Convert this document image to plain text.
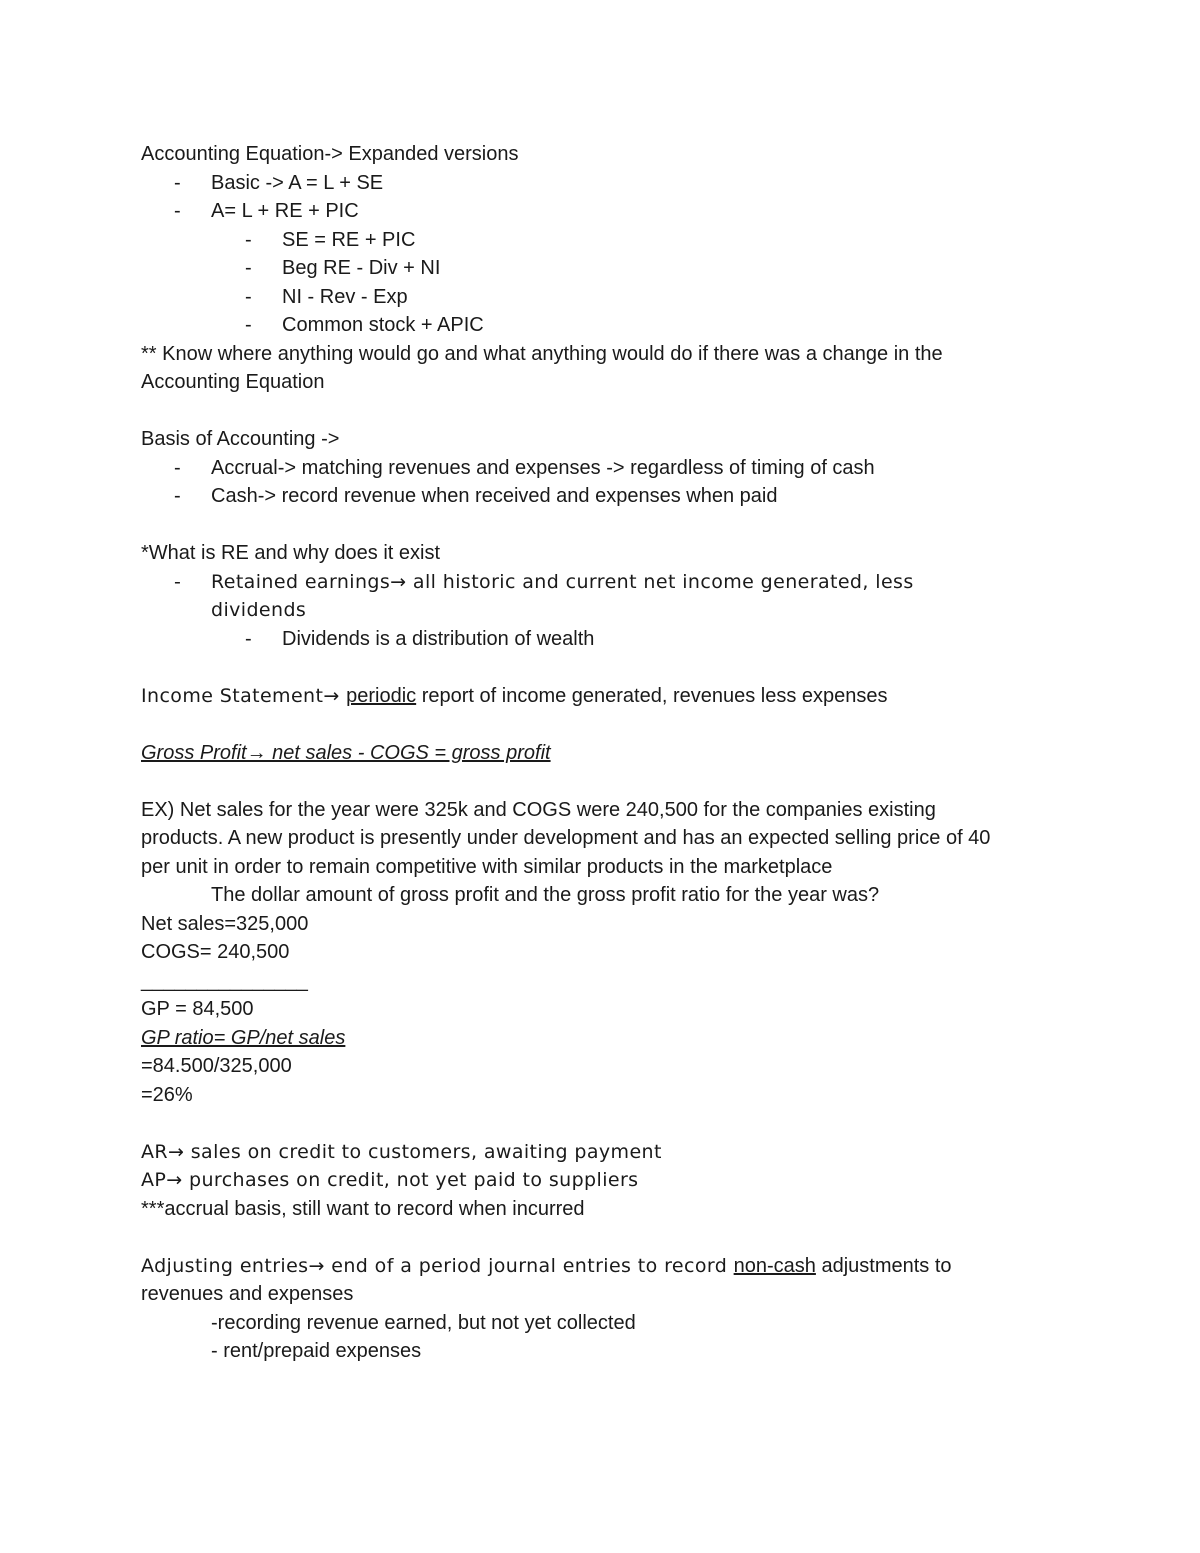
Accounting Equation-> Expanded versions
- Basic -> A = L + SE
- A= L + RE + PIC
- SE = RE + PIC
- Beg RE - Div + NI
- NI - Rev - Exp
- Common stock + APIC
** Know where anything would go and what anything would do if there was a change in the
Accounting Equation
Basis of Accounting ->
- Accrual-> matching revenues and expenses -> regardless of timing of cash
- Cash-> record revenue when received and expenses when paid
*What is RE and why does it exist
- Retained earnings→ all historic and current net income generated, less
dividends
- Dividends is a distribution of wealth
Income Statement→ periodic report of income generated, revenues less expenses
Gross Profit→ net sales - COGS = gross profit
EX) Net sales for the year were 325k and COGS were 240,500 for the companies existing
products. A new product is presently under development and has an expected selling price of 40
per unit in order to remain competitive with similar products in the marketplace
The dollar amount of gross profit and the gross profit ratio for the year was?
Net sales=325,000
COGS= 240,500
_______________
GP = 84,500
GP ratio= GP/net sales
=84.500/325,000
=26%
AR→ sales on credit to customers, awaiting payment
AP→ purchases on credit, not yet paid to suppliers
***accrual basis, still want to record when incurred
Adjusting entries→ end of a period journal entries to record non-cash adjustments to
revenues and expenses
-recording revenue earned, but not yet collected
- rent/prepaid expenses
